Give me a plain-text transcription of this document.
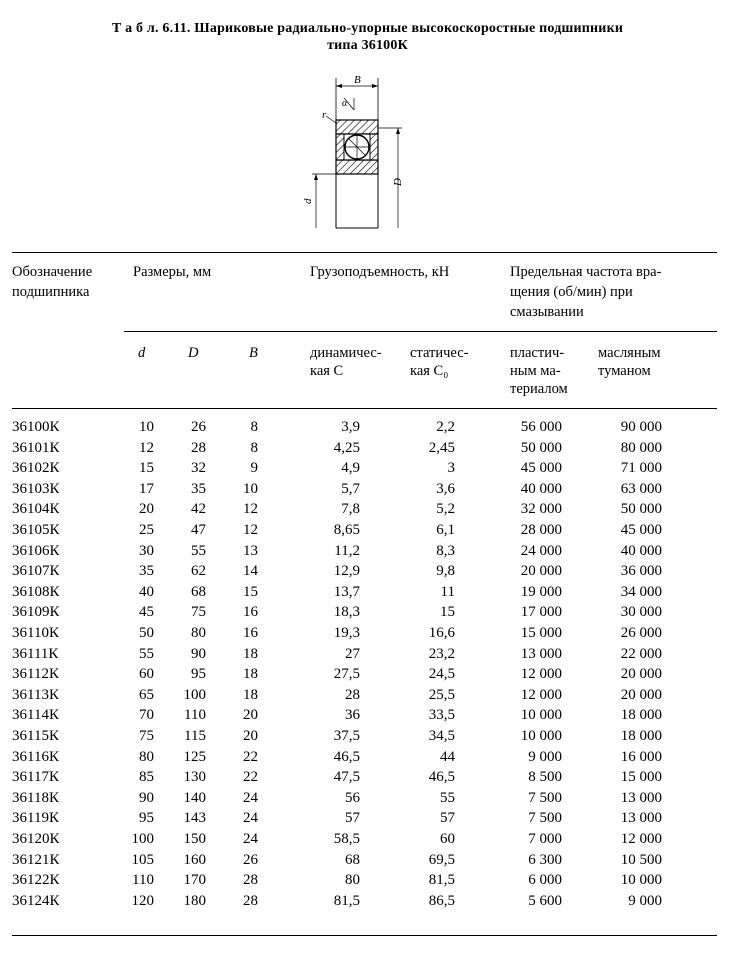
Т а б л. 6.11. Шариковые радиально-упорные высокоскоростные подшипники
типа 36100К
B
α
r
D
d
Обозначение
подшипника
Размеры, мм	Грузоподъемность, кН	Предельная частота вра-
щения (об/мин) при
смазывании
d	D	B	динамичес-
кая C
статичес-
кая C₀
пластич-
ным ма-
териалом
масляным
туманом
36100К	10	26	8	3,9	2,2	56 000	90 000
36101К	12	28	8	4,25	2,45	50 000	80 000
36102К	15	32	9	4,9	3	45 000	71 000
36103К	17	35	10	5,7	3,6	40 000	63 000
36104К	20	42	12	7,8	5,2	32 000	50 000
36105К	25	47	12	8,65	6,1	28 000	45 000
36106К	30	55	13	11,2	8,3	24 000	40 000
36107К	35	62	14	12,9	9,8	20 000	36 000
36108К	40	68	15	13,7	11	19 000	34 000
36109К	45	75	16	18,3	15	17 000	30 000
36110К	50	80	16	19,3	16,6	15 000	26 000
36111К	55	90	18	27	23,2	13 000	22 000
36112К	60	95	18	27,5	24,5	12 000	20 000
36113К	65	100	18	28	25,5	12 000	20 000
36114К	70	110	20	36	33,5	10 000	18 000
36115К	75	115	20	37,5	34,5	10 000	18 000
36116К	80	125	22	46,5	44	9 000	16 000
36117К	85	130	22	47,5	46,5	8 500	15 000
36118К	90	140	24	56	55	7 500	13 000
36119К	95	143	24	57	57	7 500	13 000
36120К	100	150	24	58,5	60	7 000	12 000
36121К	105	160	26	68	69,5	6 300	10 500
36122К	110	170	28	80	81,5	6 000	10 000
36124К	120	180	28	81,5	86,5	5 600	9 000
